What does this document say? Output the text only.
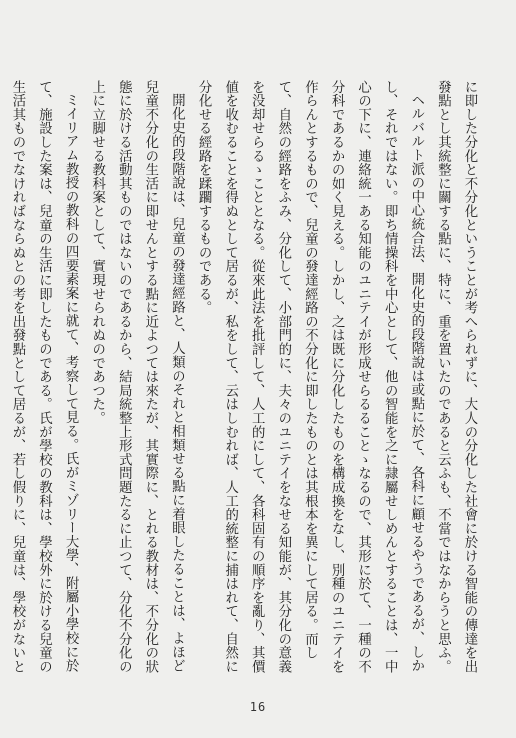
に即した分化と不分化ということが考へられずに、大人の分化した社會に於ける智能の傳達を出發點とし其統整に關する點に、特に、重を置いたのであると云ふも、不當ではなからうと思ふ。

ヘルバルト派の中心統合法、開化史的段階說は或點に於て、各科に顧せるやうであるが、しかし、それではない。即ち情操科を中心として、他の智能を之に隷屬せしめんとすることは、一中心の下に、連絡統一ある知能のユニテイが形成せらるることゝなるので、其形に於て、一種の不分科であるかの如く見える。しかし、之は既に分化したものを構成換をなし、別種のユニテイを作らんとするもので、兒童の發達經路の不分化に即したものとは其根本を異にして居る。而して、自然の經路をふみ、分化して、小部門的に、夫々のユニテイをなせる知能が、其分化の意義を没却せらるゝこととなる。從來此法を批評して、人工的にして、各科固有の順序を亂り、其價値を收むることを得ぬとして居るが、私をして、云はしむれば、人工的統整に捕はれて、自然に分化せる經路を蹂躙するものである。

開化史的段階說は、兒童の發達經路と、人類のそれと相類せる點に着眼したることは、よほど兒童不分化の生活に即せんとする點に近よつては來たが、其實際に、とれる教材は、不分化の狀態に於ける活動其ものではないのであるから、結局統整上形式問題たるに止つて、分化不分化の上に立脚せる教科案として、實現せられぬのであつた。

ミイリアム教授の教科の四要素案に就て、考察して見る。氏がミゾリー大學、附屬小學校に於て、施設した案は、兒童の生活に即したものである。氏が學校の教科は、學校外に於ける兒童の生活其ものでなければならぬとの考を出發點として居るが、若し假りに、兒童は、學校がないと

16
